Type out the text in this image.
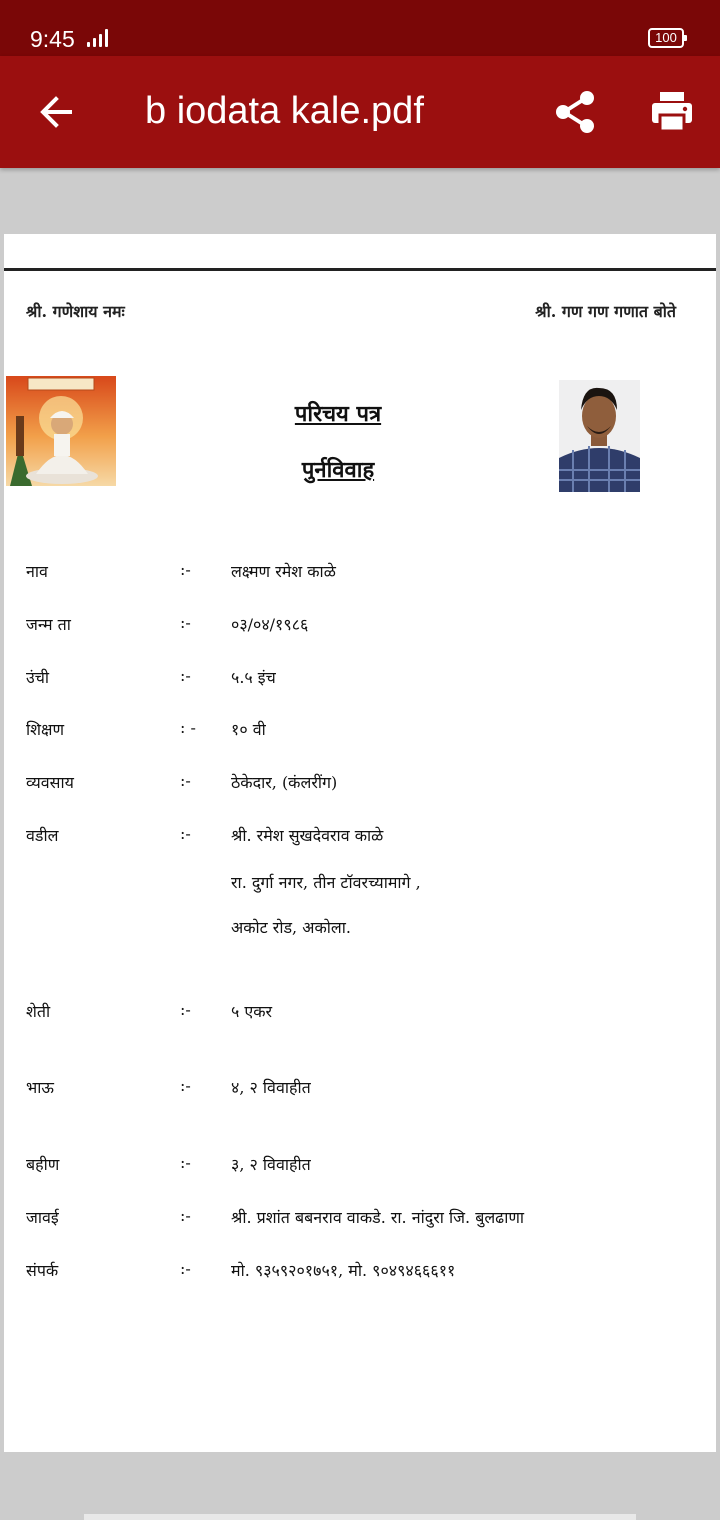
9:45	100
b iodata kale.pdf
श्री. गणेशाय नमः	श्री. गण गण गणात बोते
परिचय पत्र
पुर्नविवाह
नाव	:-	लक्ष्मण रमेश काळे
जन्म ता	:-	०३/०४/१९८६
उंची	:-	५.५ इंच
शिक्षण	: - १० वी
व्यवसाय	:-	ठेकेदार, (कंलरींग)
वडील	:-	श्री. रमेश सुखदेवराव काळे
रा. दुर्गा नगर, तीन टॉवरच्यामागे ,
अकोट रोड, अकोला.
शेती	:-	५ एकर
भाऊ	:-	४, २ विवाहीत
बहीण	:-	३, २ विवाहीत
जावई	:-	श्री. प्रशांत बबनराव वाकडे. रा. नांदुरा जि. बुलढाणा
संपर्क	:-	मो. ९३५९२०१७५१, मो. ९०४९४६६६११
